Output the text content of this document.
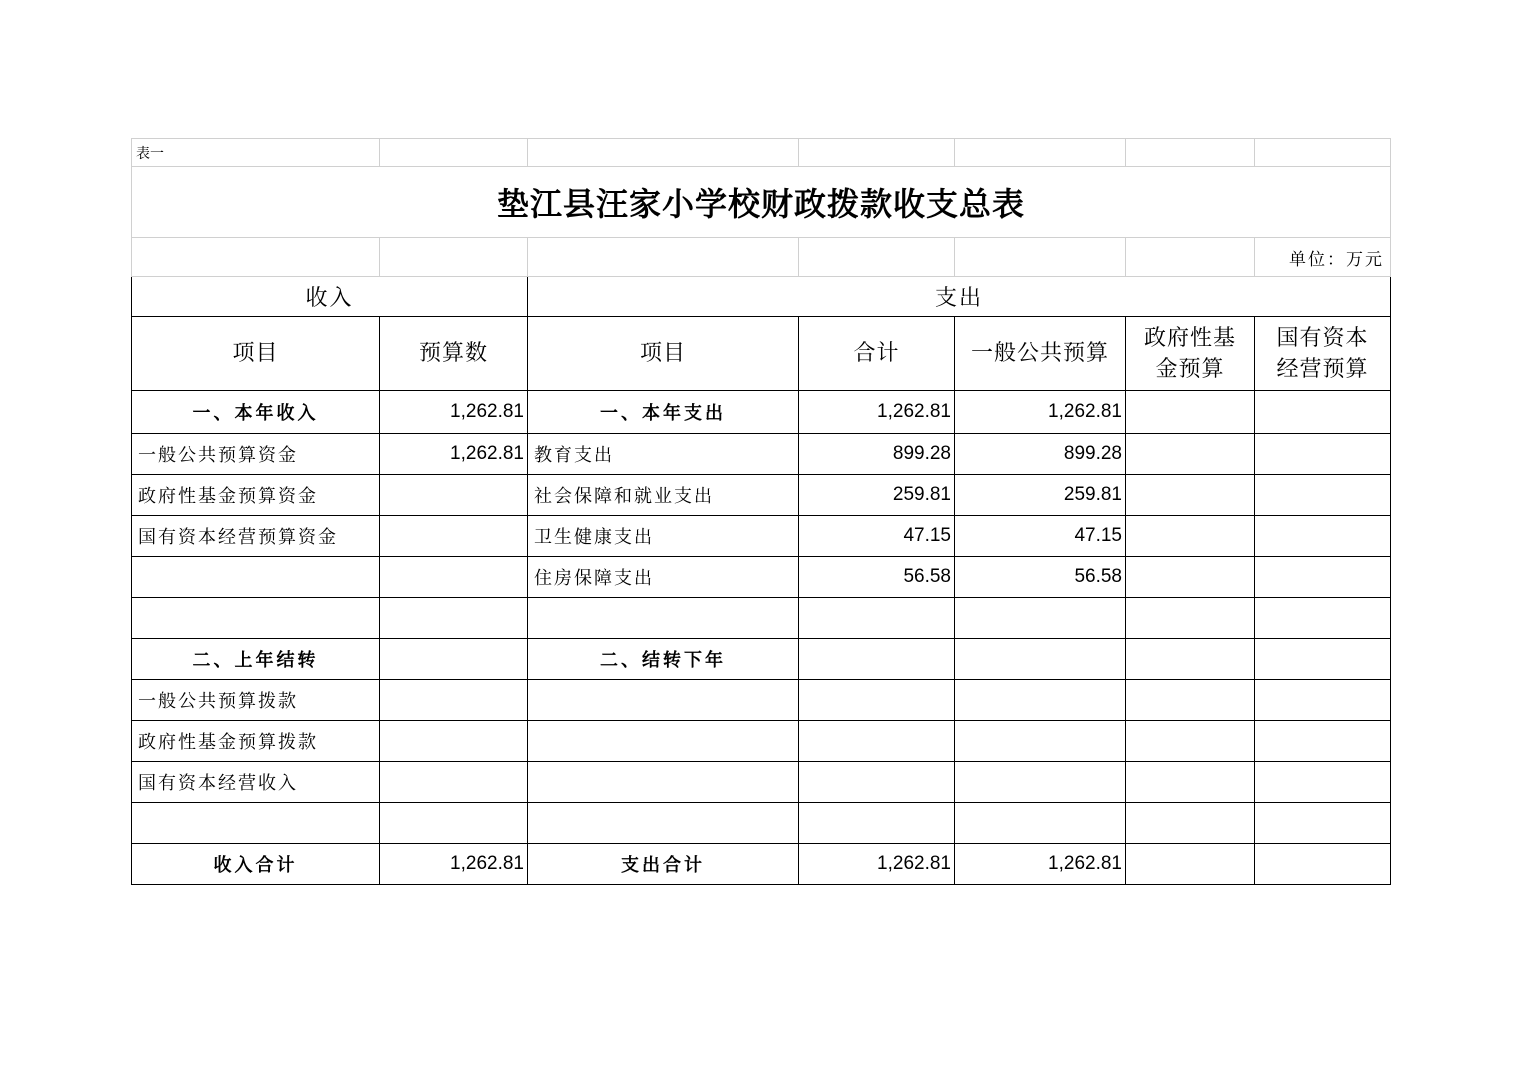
表一						
垫江县汪家小学校财政拨款收支总表						
						单位：万元
收入		支出				
项目	预算数	项目	合计	一般公共预算	政府性基金预算	国有资本经营预算
一、本年收入	1,262.81	一、本年支出	1,262.81	1,262.81		
一般公共预算资金	1,262.81	教育支出	899.28	899.28		
政府性基金预算资金		社会保障和就业支出	259.81	259.81		
国有资本经营预算资金		卫生健康支出	47.15	47.15		
		住房保障支出	56.58	56.58		

二、上年结转		二、结转下年				
一般公共预算拨款						
政府性基金预算拨款						
国有资本经营收入						

收入合计	1,262.81	支出合计	1,262.81	1,262.81		
